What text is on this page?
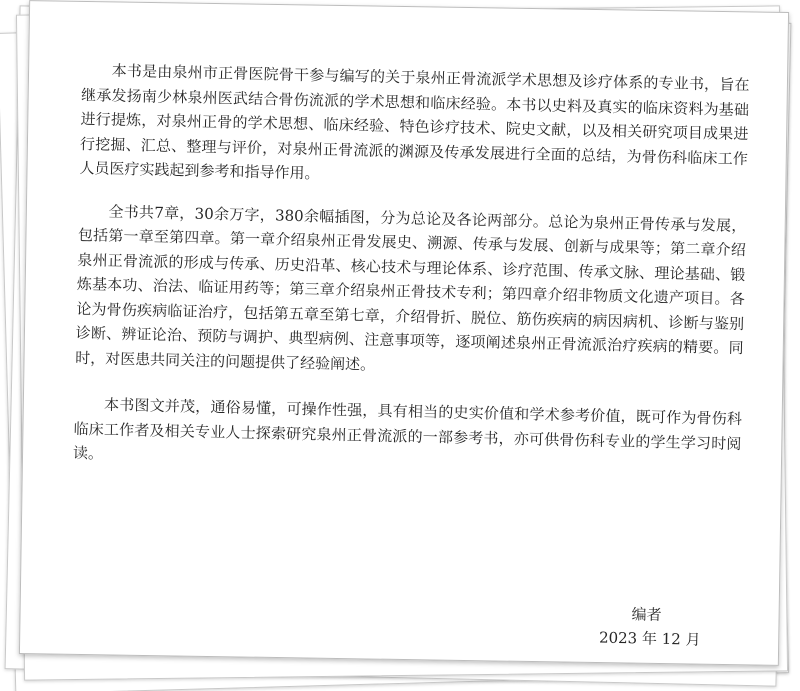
本书是由泉州市正骨医院骨干参与编写的关于泉州正骨流派学术思想及诊疗体系的专业书，旨在继承发扬南少林泉州医武结合骨伤流派的学术思想和临床经验。本书以史料及真实的临床资料为基础进行提炼，对泉州正骨的学术思想、临床经验、特色诊疗技术、院史文献，以及相关研究项目成果进行挖掘、汇总、整理与评价，对泉州正骨流派的渊源及传承发展进行全面的总结，为骨伤科临床工作人员医疗实践起到参考和指导作用。

全书共7章，30余万字，380余幅插图，分为总论及各论两部分。总论为泉州正骨传承与发展，包括第一章至第四章。第一章介绍泉州正骨发展史、溯源、传承与发展、创新与成果等；第二章介绍泉州正骨流派的形成与传承、历史沿革、核心技术与理论体系、诊疗范围、传承文脉、理论基础、锻炼基本功、治法、临证用药等；第三章介绍泉州正骨技术专利；第四章介绍非物质文化遗产项目。各论为骨伤疾病临证治疗，包括第五章至第七章，介绍骨折、脱位、筋伤疾病的病因病机、诊断与鉴别诊断、辨证论治、预防与调护、典型病例、注意事项等，逐项阐述泉州正骨流派治疗疾病的精要。同时，对医患共同关注的问题提供了经验阐述。

本书图文并茂，通俗易懂，可操作性强，具有相当的史实价值和学术参考价值，既可作为骨伤科临床工作者及相关专业人士探索研究泉州正骨流派的一部参考书，亦可供骨伤科专业的学生学习时阅读。

编者
2023 年 12 月
